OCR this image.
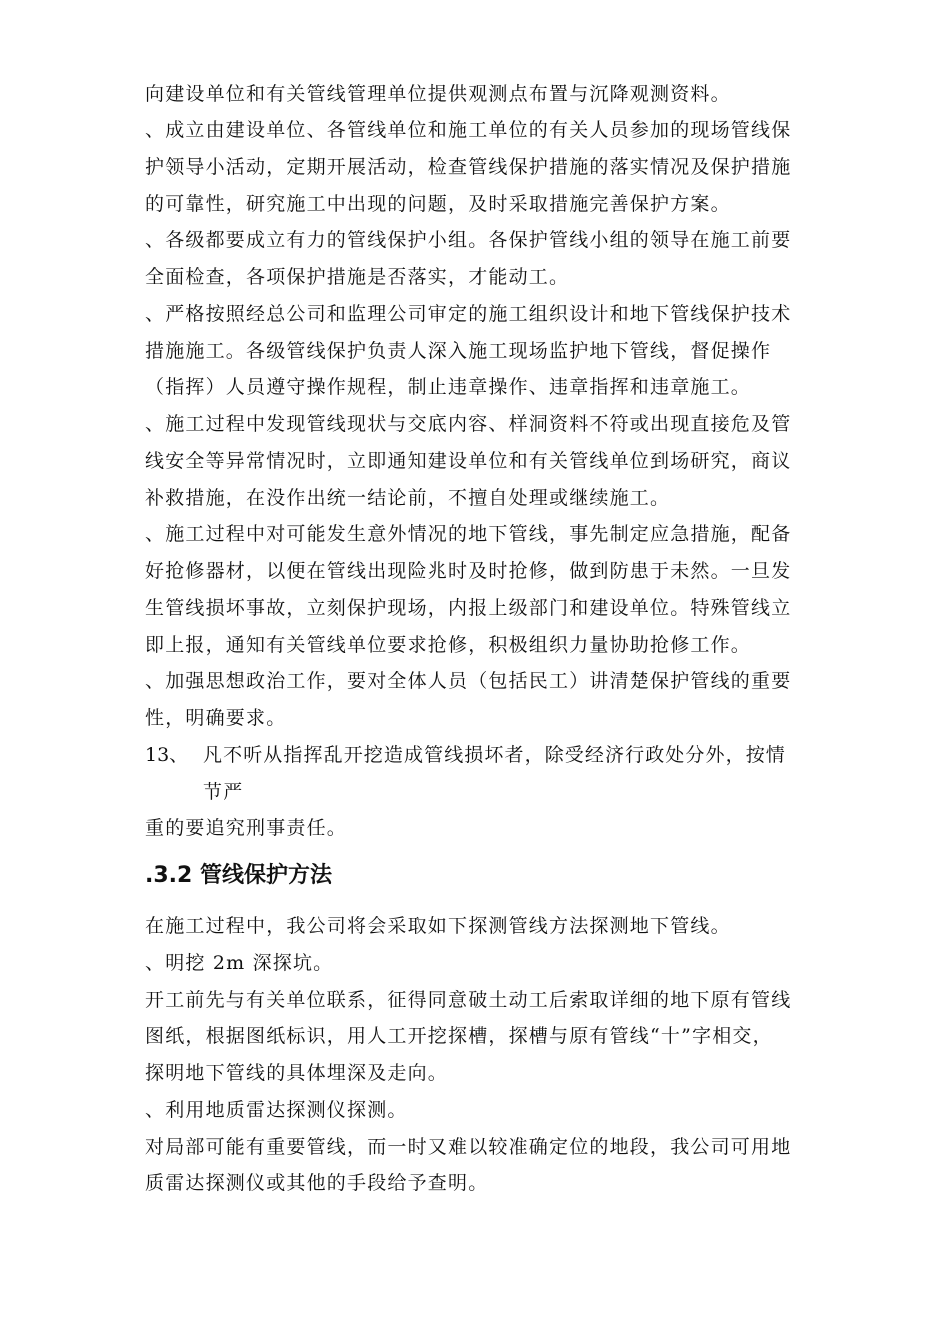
向建设单位和有关管线管理单位提供观测点布置与沉降观测资料。
、成立由建设单位、各管线单位和施工单位的有关人员参加的现场管线保
护领导小活动，定期开展活动，检查管线保护措施的落实情况及保护措施
的可靠性，研究施工中出现的问题，及时采取措施完善保护方案。
、各级都要成立有力的管线保护小组。各保护管线小组的领导在施工前要
全面检查，各项保护措施是否落实，才能动工。
、严格按照经总公司和监理公司审定的施工组织设计和地下管线保护技术
措施施工。各级管线保护负责人深入施工现场监护地下管线，督促操作
（指挥）人员遵守操作规程，制止违章操作、违章指挥和违章施工。
、施工过程中发现管线现状与交底内容、样洞资料不符或出现直接危及管
线安全等异常情况时，立即通知建设单位和有关管线单位到场研究，商议
补救措施，在没作出统一结论前，不擅自处理或继续施工。
、施工过程中对可能发生意外情况的地下管线，事先制定应急措施，配备
好抢修器材，以便在管线出现险兆时及时抢修，做到防患于未然。一旦发
生管线损坏事故，立刻保护现场，内报上级部门和建设单位。特殊管线立
即上报，通知有关管线单位要求抢修，积极组织力量协助抢修工作。
、加强思想政治工作，要对全体人员（包括民工）讲清楚保护管线的重要
性，明确要求。
13、 凡不听从指挥乱开挖造成管线损坏者，除受经济行政处分外，按情
节严
重的要追究刑事责任。
.3.2 管线保护方法
在施工过程中，我公司将会采取如下探测管线方法探测地下管线。
、明挖 2m 深探坑。
开工前先与有关单位联系，征得同意破土动工后索取详细的地下原有管线
图纸，根据图纸标识，用人工开挖探槽，探槽与原有管线“十”字相交，
探明地下管线的具体埋深及走向。
、利用地质雷达探测仪探测。
对局部可能有重要管线，而一时又难以较准确定位的地段，我公司可用地
质雷达探测仪或其他的手段给予查明。
